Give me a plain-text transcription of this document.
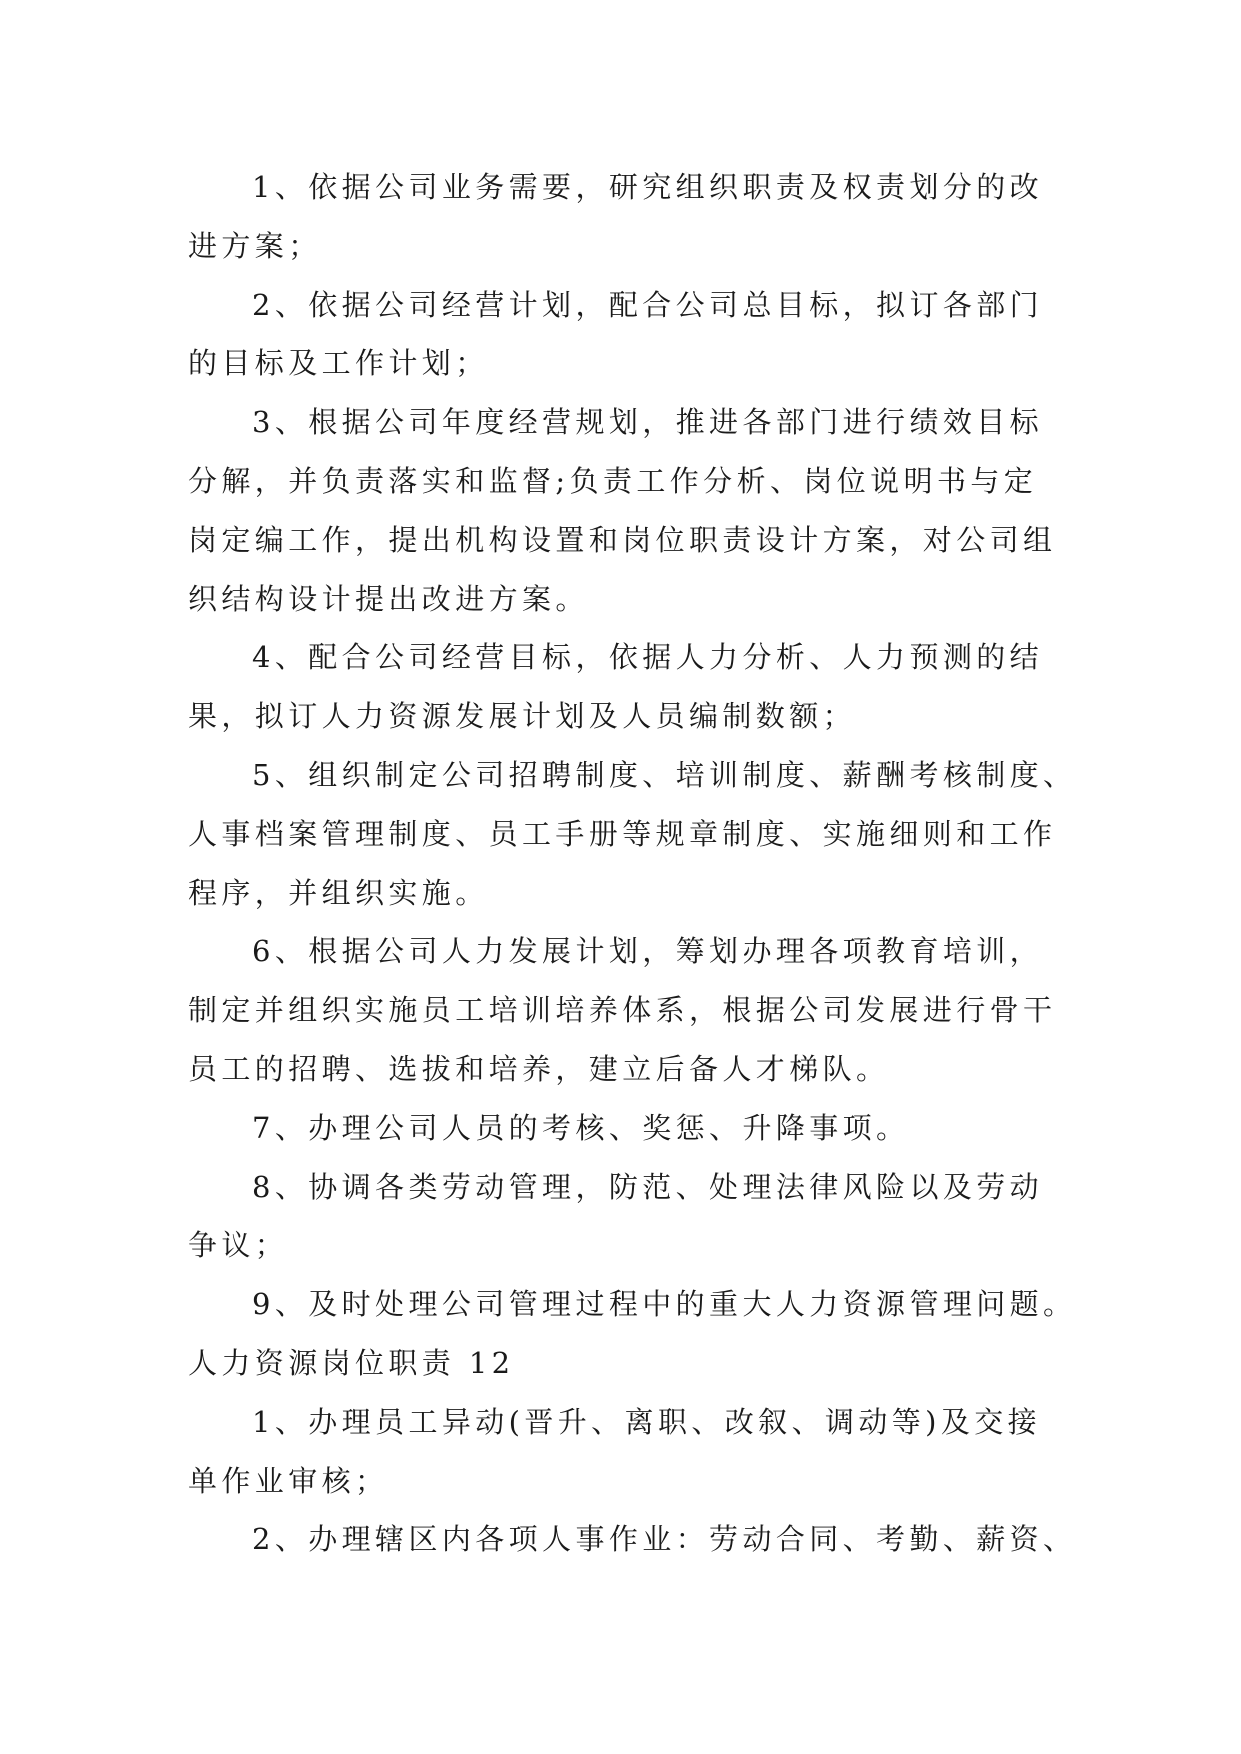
1、依据公司业务需要，研究组织职责及权责划分的改
进方案；
2、依据公司经营计划，配合公司总目标，拟订各部门
的目标及工作计划；
3、根据公司年度经营规划，推进各部门进行绩效目标
分解，并负责落实和监督;负责工作分析、岗位说明书与定
岗定编工作，提出机构设置和岗位职责设计方案，对公司组
织结构设计提出改进方案。
4、配合公司经营目标，依据人力分析、人力预测的结
果，拟订人力资源发展计划及人员编制数额；
5、组织制定公司招聘制度、培训制度、薪酬考核制度、
人事档案管理制度、员工手册等规章制度、实施细则和工作
程序，并组织实施。
6、根据公司人力发展计划，筹划办理各项教育培训，
制定并组织实施员工培训培养体系，根据公司发展进行骨干
员工的招聘、选拔和培养，建立后备人才梯队。
7、办理公司人员的考核、奖惩、升降事项。
8、协调各类劳动管理，防范、处理法律风险以及劳动
争议；
9、及时处理公司管理过程中的重大人力资源管理问题。
人力资源岗位职责 12
1、办理员工异动(晋升、离职、改叙、调动等)及交接
单作业审核；
2、办理辖区内各项人事作业：劳动合同、考勤、薪资、
